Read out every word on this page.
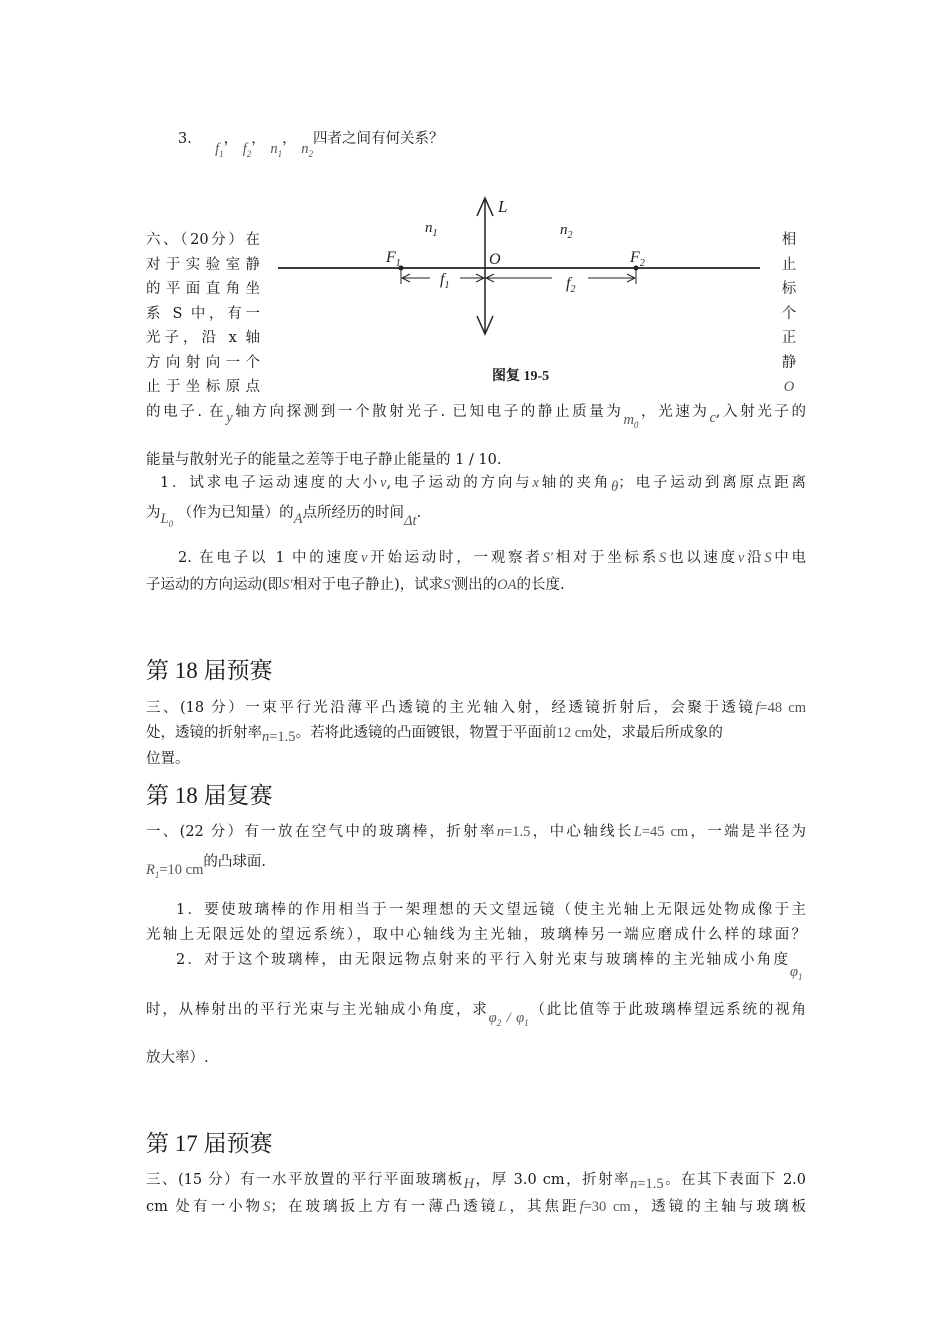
3.  $f_1$， $f_2$， $n_1$， $n_2$四者之间有何关系？
L
$n_1$	$n_2$
$F_1$	O	$F_2$
$f_1$	$f_2$
图复 19-5
六、（20分）在
对于实验室静
的平面直角坐
系 S 中，有一
光子，沿 x 轴
方向射向一个
止于坐标原点
相
止
标
个
正
静
O
的电子. 在y轴方向探测到一个散射光子. 已知电子的静止质量为$m_0$，光速为c,入射光子的
能量与散射光子的能量之差等于电子静止能量的 1 / 10.
1．试求电子运动速度的大小v,电子运动的方向与x轴的夹角θ；电子运动到离原点距离
为$L_0$ （作为已知量）的A点所经历的时间Δt.
2. 在电子以 1 中的速度v开始运动时，一观察者S′相对于坐标系S也以速度v沿S中电
子运动的方向运动(即S′相对于电子静止)，试求S′测出的OA的长度.
第 18 届预赛
三、(18 分）一束平行光沿薄平凸透镜的主光轴入射，经透镜折射后，会聚于透镜f=48 cm
处，透镜的折射率n=1.5。若将此透镜的凸面镀银，物置于平面前12 cm处，求最后所成象的
位置。
第 18 届复赛
一、(22 分）有一放在空气中的玻璃棒，折射率n=1.5，中心轴线长L=45 cm，一端是半径为
$R_1=10$ cm的凸球面.
1．要使玻璃棒的作用相当于一架理想的天文望远镜（使主光轴上无限远处物成像于主
光轴上无限远处的望远系统），取中心轴线为主光轴，玻璃棒另一端应磨成什么样的球面？
2．对于这个玻璃棒，由无限远物点射来的平行入射光束与玻璃棒的主光轴成小角度
$\varphi_1$
时，从棒射出的平行光束与主光轴成小角度，求$\varphi_2 / \varphi_1$（此比值等于此玻璃棒望远系统的视角
放大率）.
第 17 届预赛
三、(15 分）有一水平放置的平行平面玻璃板H，厚 3.0 cm，折射率n=1.5。在其下表面下 2.0
cm 处有一小物S；在玻璃扳上方有一薄凸透镜L，其焦距f=30 cm，透镜的主轴与玻璃板
